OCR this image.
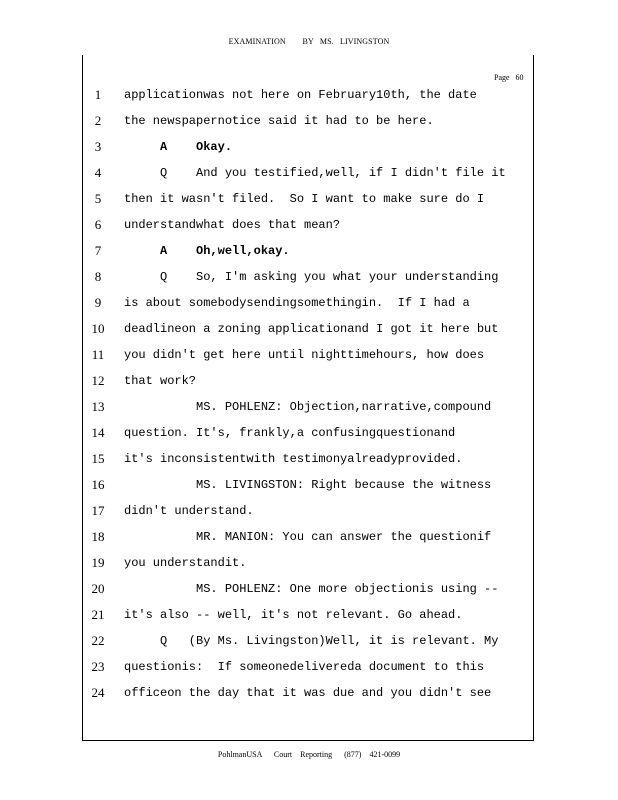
EXAMINATION        BY   MS.   LIVINGSTON
Page   60
1	applicationwas not here on February10th, the date
2	the newspapernotice said it had to be here.
3	A    Okay.
4	Q    And you testified,well, if I didn't file it
5	then it wasn't filed.  So I want to make sure do I
6	understandwhat does that mean?
7	A    Oh,well,okay.
8	Q    So, I'm asking you what your understanding
9	is about somebodysendingsomethingin.  If I had a
10 deadlineon a zoning applicationand I got it here but
11	you didn't get here until nighttimehours, how does
12 that work?
13 MS. POHLENZ: Objection,narrative,compound
14 question. It's, frankly,a confusingquestionand
15 it's inconsistentwith testimonyalreadyprovided.
16 MS. LIVINGSTON: Right because the witness
17 didn't understand.
18 MR. MANION: You can answer the questionif
19 you understandit.
20 MS. POHLENZ: One more objectionis using --
21 it's also -- well, it's not relevant. Go ahead.
22 Q   (By Ms. Livingston)Well, it is relevant. My
23 questionis:  If someonedelivereda document to this
24 officeon the day that it was due and you didn't see
PohlmanUSA      Court    Reporting      (877)    421-0099
